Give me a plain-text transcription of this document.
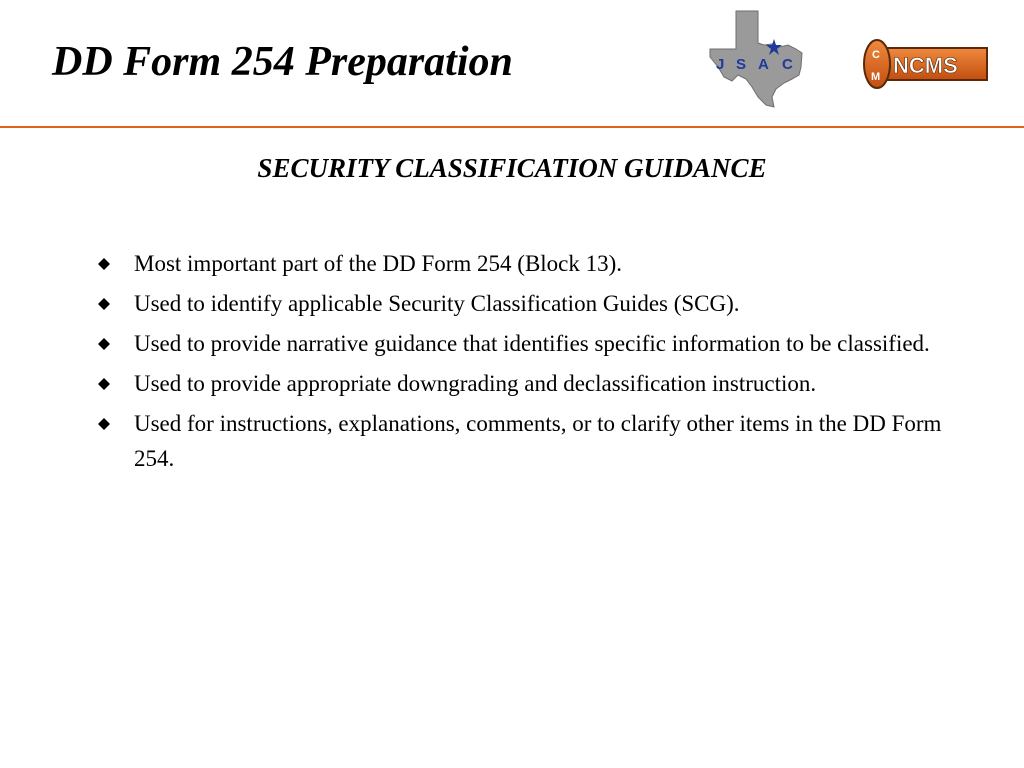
DD Form 254 Preparation	J S A C
C
M NCMS
SECURITY CLASSIFICATION GUIDANCE
Most important part of the DD Form 254 (Block 13).
Used to identify applicable Security Classification Guides (SCG).
Used to provide narrative guidance that identifies specific information to be classified.
Used to provide appropriate downgrading and declassification instruction.
Used for instructions, explanations, comments, or to clarify other items in the DD Form 254.
